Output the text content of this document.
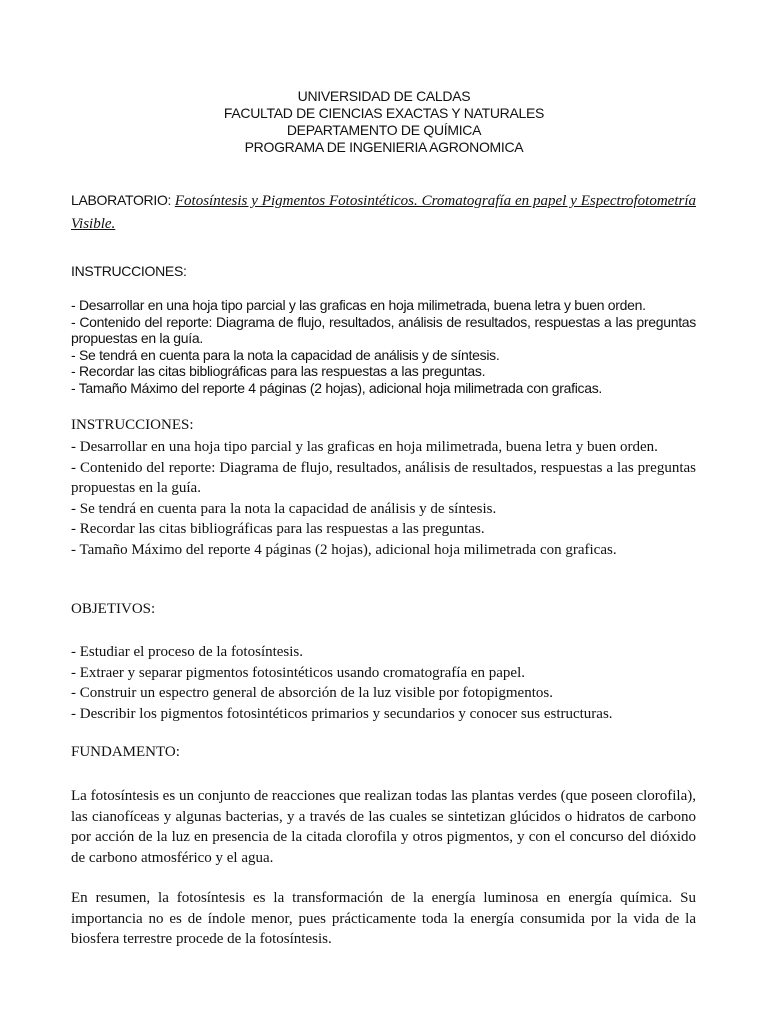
UNIVERSIDAD DE CALDAS
FACULTAD DE CIENCIAS EXACTAS Y NATURALES
DEPARTAMENTO DE QUÍMICA
PROGRAMA DE INGENIERIA AGRONOMICA
LABORATORIO: Fotosíntesis y Pigmentos Fotosintéticos. Cromatografía en papel y Espectrofotometría Visible.
INSTRUCCIONES:
- Desarrollar en una hoja tipo parcial y las graficas en hoja milimetrada, buena letra y buen orden.
- Contenido del reporte: Diagrama de flujo, resultados, análisis de resultados, respuestas a las preguntas propuestas en la guía.
- Se tendrá en cuenta para la nota la capacidad de análisis y de síntesis.
- Recordar las citas bibliográficas para las respuestas a las preguntas.
- Tamaño Máximo del reporte 4 páginas (2 hojas), adicional hoja milimetrada con graficas.
INSTRUCCIONES:
- Desarrollar en una hoja tipo parcial y las graficas en hoja milimetrada, buena letra y buen orden.
- Contenido del reporte: Diagrama de flujo, resultados, análisis de resultados, respuestas a las preguntas propuestas en la guía.
- Se tendrá en cuenta para la nota la capacidad de análisis y de síntesis.
- Recordar las citas bibliográficas para las respuestas a las preguntas.
- Tamaño Máximo del reporte 4 páginas (2 hojas), adicional hoja milimetrada con graficas.
OBJETIVOS:
- Estudiar el proceso de la fotosíntesis.
- Extraer y separar pigmentos fotosintéticos usando cromatografía en papel.
- Construir un espectro general de absorción de la luz visible por fotopigmentos.
- Describir los pigmentos fotosintéticos primarios y secundarios y conocer sus estructuras.
FUNDAMENTO:
La fotosíntesis es un conjunto de reacciones que realizan todas las plantas verdes (que poseen clorofila), las cianofíceas y algunas bacterias, y a través de las cuales se sintetizan glúcidos o hidratos de carbono por acción de la luz en presencia de la citada clorofila y otros pigmentos, y con el concurso del dióxido de carbono atmosférico y el agua.
En resumen, la fotosíntesis es la transformación de la energía luminosa en energía química. Su importancia no es de índole menor, pues prácticamente toda la energía consumida por la vida de la biosfera terrestre procede de la fotosíntesis.
